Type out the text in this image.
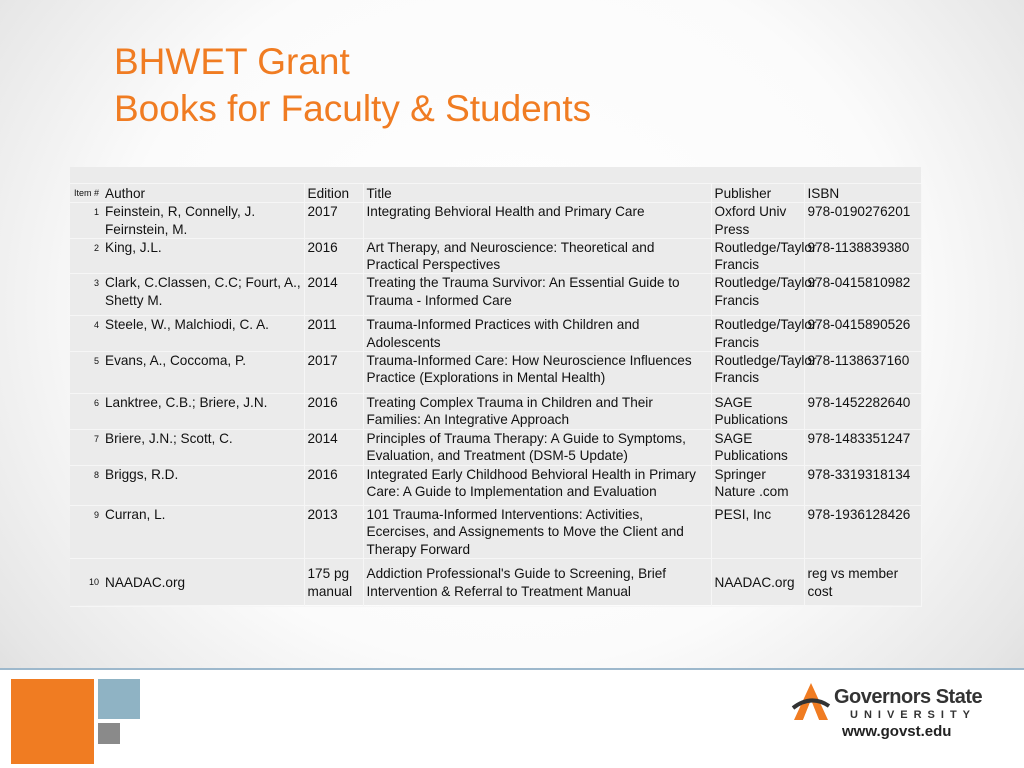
BHWET Grant
Books for Faculty & Students
Item #	Author	Edition	Title	Publisher	ISBN
1	Feinstein, R, Connelly, J. Feirnstein, M.	2017	Integrating Behvioral Health and Primary Care	Oxford Univ Press	978-0190276201
2	King, J.L.	2016	Art Therapy, and Neuroscience: Theoretical and Practical Perspectives	Routledge/Taylor Francis	978-1138839380
3	Clark, C.Classen, C.C; Fourt, A., Shetty M.	2014	Treating the Trauma Survivor: An Essential Guide to Trauma - Informed Care	Routledge/Taylor Francis	978-0415810982
4	Steele, W., Malchiodi, C. A.	2011	Trauma-Informed Practices with Children and Adolescents	Routledge/Taylor Francis	978-0415890526
5	Evans, A., Coccoma, P.	2017	Trauma-Informed Care: How Neuroscience Influences Practice (Explorations in Mental Health)	Routledge/Taylor Francis	978-1138637160
6	Lanktree, C.B.; Briere, J.N.	2016	Treating Complex Trauma in Children and Their Families: An Integrative Approach	SAGE Publications	978-1452282640
7	Briere, J.N.; Scott, C.	2014	Principles of Trauma Therapy: A Guide to Symptoms, Evaluation, and Treatment (DSM-5 Update)	SAGE Publications	978-1483351247
8	Briggs, R.D.	2016	Integrated Early Childhood Behvioral Health in Primary Care: A Guide to Implementation and Evaluation	Springer Nature .com	978-3319318134
9	Curran, L.	2013	101 Trauma-Informed Interventions: Activities, Ecercises, and Assignements to Move the Client and Therapy Forward	PESI, Inc	978-1936128426
10	NAADAC.org	175 pg manual	Addiction Professional's Guide to Screening, Brief Intervention & Referral to Treatment Manual	NAADAC.org	reg vs member cost
Governors State
UNIVERSITY
www.govst.edu
